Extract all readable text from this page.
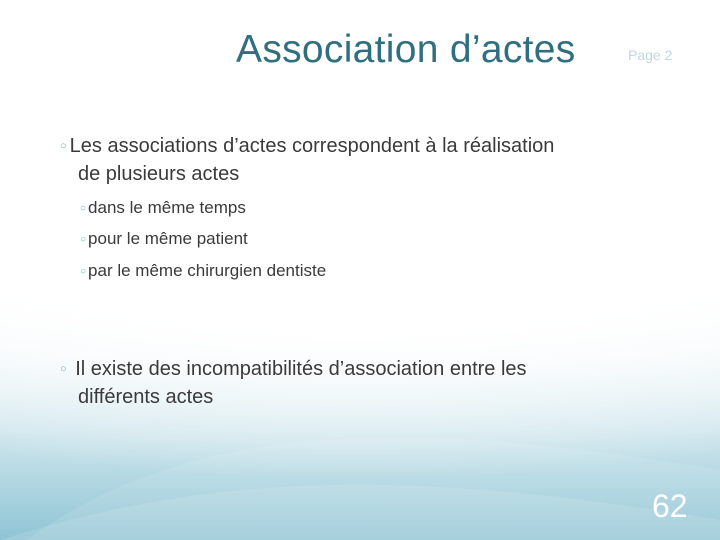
Association d’actes	Page 2
○ Les associations d’actes correspondent à la réalisation
de plusieurs actes
○ dans le même temps
○ pour le même patient
○ par le même chirurgien dentiste
○ Il existe des incompatibilités d’association entre les
différents actes
62
